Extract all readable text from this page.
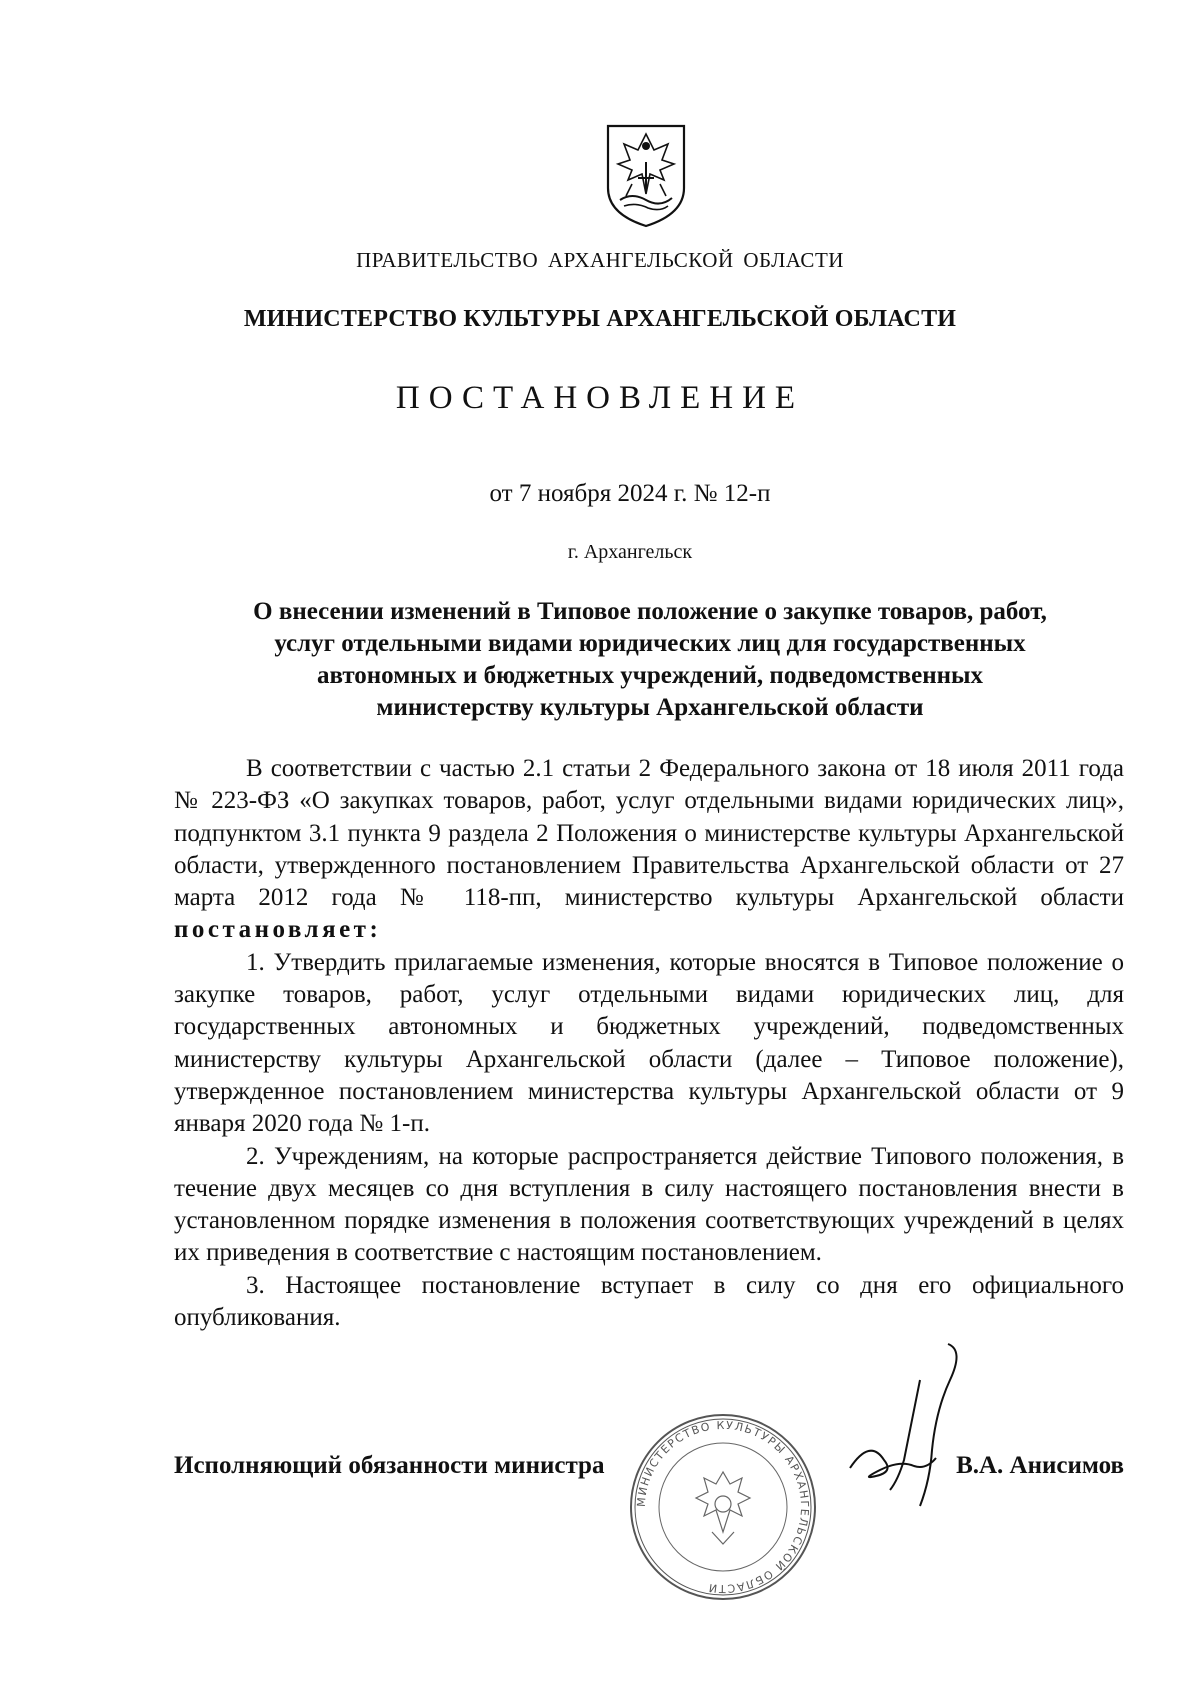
ПРАВИТЕЛЬСТВО АРХАНГЕЛЬСКОЙ ОБЛАСТИ
МИНИСТЕРСТВО КУЛЬТУРЫ АРХАНГЕЛЬСКОЙ ОБЛАСТИ
ПОСТАНОВЛЕНИЕ
от 7 ноября 2024 г. № 12-п
г. Архангельск
О внесении изменений в Типовое положение о закупке товаров, работ,
услуг отдельными видами юридических лиц для государственных
автономных и бюджетных учреждений, подведомственных
министерству культуры Архангельской области

В соответствии с частью 2.1 статьи 2 Федерального закона от 18 июля 2011 года № 223-ФЗ «О закупках товаров, работ, услуг отдельными видами юридических лиц», подпунктом 3.1 пункта 9 раздела 2 Положения о министерстве культуры Архангельской области, утвержденного постановлением Правительства Архангельской области от 27 марта 2012 года № 118-пп, министерство культуры Архангельской области постановляет:

1. Утвердить прилагаемые изменения, которые вносятся в Типовое положение о закупке товаров, работ, услуг отдельными видами юридических лиц, для государственных автономных и бюджетных учреждений, подведомственных министерству культуры Архангельской области (далее – Типовое положение), утвержденное постановлением министерства культуры Архангельской области от 9 января 2020 года № 1-п.

2. Учреждениям, на которые распространяется действие Типового положения, в течение двух месяцев со дня вступления в силу настоящего постановления внести в установленном порядке изменения в положения соответствующих учреждений в целях их приведения в соответствие с настоящим постановлением.

3. Настоящее постановление вступает в силу со дня его официального опубликования.

МИНИСТЕРСТВО КУЛЬТУРЫ АРХАНГЕЛЬСКОЙ ОБЛАСТИ
Исполняющий обязанности министра	В.А. Анисимов
